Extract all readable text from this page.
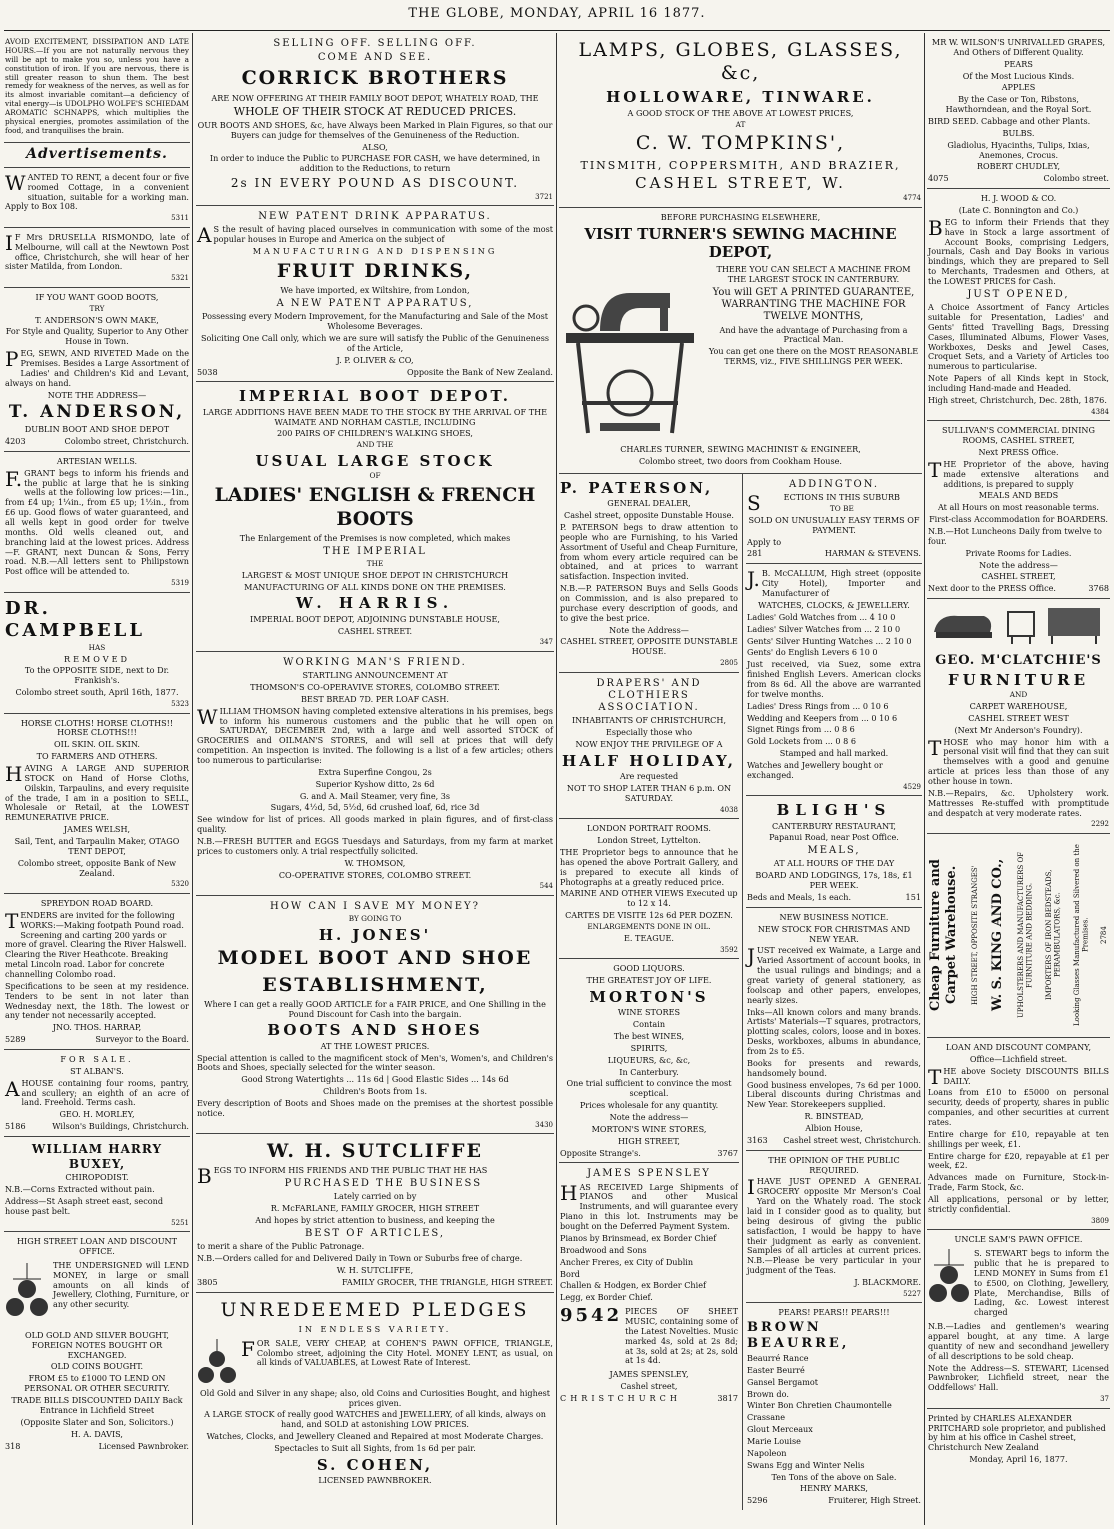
THE GLOBE, MONDAY, APRIL 16 1877.

AVOID EXCITEMENT, DISSIPATION AND LATE HOURS.—If you are not naturally nervous they will be apt to make you so, unless you have a constitution of iron. If you are nervous, there is still greater reason to shun them. The best remedy for weakness of the nerves, as well as for its almost invariable comitant—a deficiency of vital energy—is UDOLPHO WOLFE'S SCHIEDAM AROMATIC SCHNAPPS, which multiplies the physical energies, promotes assimilation of the food, and tranquilises the brain.

Advertisements.

WANTED TO RENT, a decent four or five roomed Cottage, in a convenient situation, suitable for a working man. Apply to Box 108.

5311

IF Mrs DRUSELLA RISMONDO, late of Melbourne, will call at the Newtown Post office, Christchurch, she will hear of her sister Matilda, from London.

5321

IF YOU WANT GOOD BOOTS,

TRY

T. ANDERSON'S OWN MAKE,

For Style and Quality, Superior to Any Other House in Town.

PEG, SEWN, AND RIVETED Made on the Premises. Besides a Large Assortment of Ladies' and Children's Kid and Levant, always on hand.

NOTE THE ADDRESS—

T. ANDERSON,

DUBLIN BOOT AND SHOE DEPOT

4203	Colombo street, Christchurch.

ARTESIAN WELLS.

F.GRANT begs to inform his friends and the public at large that he is sinking wells at the following low prices:—1in., from £4 up; 1¼in., from £5 up; 1½in., from £6 up. Good flows of water guaranteed, and all wells kept in good order for twelve months. Old wells cleaned out, and branching laid at the lowest prices. Address—F. GRANT, next Duncan & Sons, Ferry road. N.B.—All letters sent to Philipstown Post office will be attended to.

5319
DR. CAMPBELL

HAS

REMOVED

To the OPPOSITE SIDE, next to Dr. Frankish's.

Colombo street south, April 16th, 1877.

5323

HORSE CLOTHS! HORSE CLOTHS!! HORSE CLOTHS!!!

OIL SKIN. OIL SKIN.

TO FARMERS AND OTHERS.

HAVING A LARGE AND SUPERIOR STOCK on Hand of Horse Cloths, Oilskin, Tarpaulins, and every requisite of the trade, I am in a position to SELL, Wholesale or Retail, at the LOWEST REMUNERATIVE PRICE.

JAMES WELSH,

Sail, Tent, and Tarpaulin Maker, OTAGO TENT DEPOT,

Colombo street, opposite Bank of New Zealand.

5320

SPREYDON ROAD BOARD.

TENDERS are invited for the following WORKS:—Making footpath Pound road. Screening and carting 200 yards or more of gravel. Clearing the River Halswell. Clearing the River Heathcote. Breaking metal Lincoln road. Labor for concrete channelling Colombo road.

Specifications to be seen at my residence. Tenders to be sent in not later than Wednesday next, the 18th. The lowest or any tender not necessarily accepted.

JNO. THOS. HARRAP,

5289	Surveyor to the Board.

FOR SALE.

ST ALBAN'S.

AHOUSE containing four rooms, pantry, and scullery; an eighth of an acre of land. Freehold. Terms cash.

GEO. H. MORLEY,

5186	Wilson's Buildings, Christchurch.
WILLIAM HARRY BUXEY,

CHIROPODIST.

N.B.—Corns Extracted without pain.

Address—St Asaph street east, second house past belt.

5251

HIGH STREET LOAN AND DISCOUNT OFFICE.

THE UNDERSIGNED will LEND MONEY, in large or small amounts on all kinds of Jewellery, Clothing, Furniture, or any other security.

OLD GOLD AND SILVER BOUGHT, FOREIGN NOTES BOUGHT OR EXCHANGED.

OLD COINS BOUGHT.

FROM £5 to £1000 TO LEND ON PERSONAL OR OTHER SECURITY.

TRADE BILLS DISCOUNTED DAILY Back Entrance in Lichfield Street

(Opposite Slater and Son, Solicitors.)

H. A. DAVIS,

318	Licensed Pawnbroker.
SELLING OFF. SELLING OFF.
COME AND SEE.
CORRICK BROTHERS

ARE NOW OFFERING AT THEIR FAMILY BOOT DEPOT, WHATELY ROAD, THE

WHOLE OF THEIR STOCK AT REDUCED PRICES.

OUR BOOTS AND SHOES, &c, have Always been Marked in Plain Figures, so that our Buyers can judge for themselves of the Genuineness of the Reduction.

ALSO,

In order to induce the Public to PURCHASE FOR CASH, we have determined, in addition to the Reductions, to return

2s IN EVERY POUND AS DISCOUNT.
3721
NEW PATENT DRINK APPARATUS.

AS the result of having placed ourselves in communication with some of the most popular houses in Europe and America on the subject of

MANUFACTURING AND DISPENSING

FRUIT DRINKS,

We have imported, ex Wiltshire, from London,

A NEW PATENT APPARATUS,

Possessing every Modern Improvement, for the Manufacturing and Sale of the Most Wholesome Beverages.

Soliciting One Call only, which we are sure will satisfy the Public of the Genuineness of the Article,

J. P. OLIVER & CO,

5038	Opposite the Bank of New Zealand.
IMPERIAL BOOT DEPOT.

LARGE ADDITIONS HAVE BEEN MADE TO THE STOCK BY THE ARRIVAL OF THE WAIMATE AND NORHAM CASTLE, INCLUDING

200 PAIRS OF CHILDREN'S WALKING SHOES,

AND THE

USUAL LARGE STOCK

OF

LADIES' ENGLISH & FRENCH BOOTS

The Enlargement of the Premises is now completed, which makes

THE IMPERIAL

THE

LARGEST & MOST UNIQUE SHOE DEPOT IN CHRISTCHURCH

MANUFACTURING OF ALL KINDS DONE ON THE PREMISES.

W. HARRIS.

IMPERIAL BOOT DEPOT, ADJOINING DUNSTABLE HOUSE,

CASHEL STREET.

347
WORKING MAN'S FRIEND.

STARTLING ANNOUNCEMENT AT

THOMSON'S CO-OPERAVIVE STORES, COLOMBO STREET.

BEST BREAD 7D. PER LOAF CASH.

WILLIAM THOMSON having completed extensive alterations in his premises, begs to inform his numerous customers and the public that he will open on SATURDAY, DECEMBER 2nd, with a large and well assorted STOCK of GROCERIES and OILMAN'S STORES, and will sell at prices that will defy competition. An inspection is invited. The following is a list of a few articles; others too numerous to particularise:

Extra Superfine Congou, 2s

Superior Kyshow ditto, 2s 6d

G. and A. Mail Steamer, very fine, 3s

Sugars, 4½d, 5d, 5½d, 6d crushed loaf, 6d, rice 3d

See window for list of prices. All goods marked in plain figures, and of first-class quality.

N.B.—FRESH BUTTER and EGGS Tuesdays and Saturdays, from my farm at market prices to customers only. A trial respectfully solicited.

W. THOMSON,

CO-OPERATIVE STORES, COLOMBO STREET.

544
HOW CAN I SAVE MY MONEY?

BY GOING TO

H. JONES'
MODEL BOOT AND SHOE
ESTABLISHMENT,

Where I can get a really GOOD ARTICLE for a FAIR PRICE, and One Shilling in the Pound Discount for Cash into the bargain.

BOOTS AND SHOES

AT THE LOWEST PRICES.

Special attention is called to the magnificent stock of Men's, Women's, and Children's Boots and Shoes, specially selected for the winter season.

Good Strong Watertights ... 11s 6d | Good Elastic Sides ... 14s 6d

Children's Boots from 1s.

Every description of Boots and Shoes made on the premises at the shortest possible notice.

3430
W. H. SUTCLIFFE

BEGS TO INFORM HIS FRIENDS AND THE PUBLIC THAT HE HAS

PURCHASED THE BUSINESS

Lately carried on by

R. McFARLANE, FAMILY GROCER, HIGH STREET

And hopes by strict attention to business, and keeping the

BEST OF ARTICLES,

to merit a share of the Public Patronage.

N.B.—Orders called for and Delivered Daily in Town or Suburbs free of charge.

W. H. SUTCLIFFE,

3805	FAMILY GROCER, THE TRIANGLE, HIGH STREET.
UNREDEEMED PLEDGES

IN ENDLESS VARIETY.

FOR SALE, VERY CHEAP, at COHEN'S PAWN OFFICE, TRIANGLE, Colombo street, adjoining the City Hotel. MONEY LENT, as usual, on all kinds of VALUABLES, at Lowest Rate of Interest.

Old Gold and Silver in any shape; also, old Coins and Curiosities Bought, and highest prices given.

A LARGE STOCK of really good WATCHES and JEWELLERY, of all kinds, always on hand, and SOLD at astonishing LOW PRICES.

Watches, Clocks, and Jewellery Cleaned and Repaired at most Moderate Charges.

Spectacles to Suit all Sights, from 1s 6d per pair.

S. COHEN,

LICENSED PAWNBROKER.

LAMPS, GLOBES, GLASSES, &c,
HOLLOWARE, TINWARE.

A GOOD STOCK OF THE ABOVE AT LOWEST PRICES,

AT

C. W. TOMPKINS',
TINSMITH, COPPERSMITH, AND BRAZIER,
CASHEL STREET, W.
4774

BEFORE PURCHASING ELSEWHERE,

VISIT TURNER'S SEWING MACHINE DEPOT,

THERE YOU CAN SELECT A MACHINE FROM THE LARGEST STOCK IN CANTERBURY.

You will GET A PRINTED GUARANTEE, WARRANTING THE MACHINE FOR TWELVE MONTHS,

And have the advantage of Purchasing from a Practical Man.

You can get one there on the MOST REASONABLE TERMS, viz., FIVE SHILLINGS PER WEEK.

CHARLES TURNER, SEWING MACHINIST & ENGINEER,

Colombo street, two doors from Cookham House.

P. PATERSON,

GENERAL DEALER,

Cashel street, opposite Dunstable House.

P. PATERSON begs to draw attention to people who are Furnishing, to his Varied Assortment of Useful and Cheap Furniture, from whom every article required can be obtained, and at prices to warrant satisfaction. Inspection invited.

N.B.—P. PATERSON Buys and Sells Goods on Commission, and is also prepared to purchase every description of goods, and to give the best price.

Note the Address—

CASHEL STREET, OPPOSITE DUNSTABLE HOUSE.

2805
DRAPERS' AND CLOTHIERS ASSOCIATION.

INHABITANTS OF CHRISTCHURCH,

Especially those who

NOW ENJOY THE PRIVILEGE OF A

HALF HOLIDAY,

Are requested

NOT TO SHOP LATER THAN 6 p.m. ON SATURDAY.

4038

LONDON PORTRAIT ROOMS.

London Street, Lyttelton.

THE Proprietor begs to announce that he has opened the above Portrait Gallery, and is prepared to execute all kinds of Photographs at a greatly reduced price.

MARINE AND OTHER VIEWS Executed up to 12 x 14.

CARTES DE VISITE 12s 6d PER DOZEN.

ENLARGEMENTS DONE IN OIL.

E. TEAGUE.

3592

GOOD LIQUORS.

THE GREATEST JOY OF LIFE.

MORTON'S

WINE STORES

Contain

The best WINES,

SPIRITS,

LIQUEURS, &c, &c,

In Canterbury.

One trial sufficient to convince the most sceptical.

Prices wholesale for any quantity.

Note the address—

MORTON'S WINE STORES,

HIGH STREET,

Opposite Strange's.	3767
JAMES SPENSLEY

HAS RECEIVED Large Shipments of PIANOS and other Musical Instruments, and will guarantee every Piano in this lot. Instruments may be bought on the Deferred Payment System.

Pianos by Brinsmead, ex Border Chief

Broadwood and Sons

Ancher Freres, ex City of Dublin

Bord

Challen & Hodgen, ex Border Chief

Legg, ex Border Chief.

9542 PIECES OF SHEET MUSIC, containing some of the Latest Novelties. Music marked 4s, sold at 2s 8d; at 3s, sold at 2s; at 2s, sold at 1s 4d.

JAMES SPENSLEY,

Cashel street,

CHRISTCHURCH	3817
ADDINGTON.

SECTIONS IN THIS SUBURB

TO BE

SOLD ON UNUSUALLY EASY TERMS OF PAYMENT.

Apply to

281	HARMAN & STEVENS.

J.B. McCALLUM, High street (opposite City Hotel), Importer and Manufacturer of

WATCHES, CLOCKS, & JEWELLERY.

Ladies' Gold Watches from ... 4 10 0

Ladies' Silver Watches from ... 2 10 0

Gents' Silver Hunting Watches ... 2 10 0

Gents' do English Levers 6 10 0

Just received, via Suez, some extra finished English Levers. American clocks from 8s 6d. All the above are warranted for twelve months.

Ladies' Dress Rings from ... 0 10 6

Wedding and Keepers from ... 0 10 6

Signet Rings from ... 0 8 6

Gold Lockets from ... 0 8 6

Stamped and hall marked.

Watches and Jewellery bought or exchanged.

4529
BLIGH'S

CANTERBURY RESTAURANT,

Papanui Road, near Post Office.

MEALS,

AT ALL HOURS OF THE DAY

BOARD AND LODGINGS, 17s, 18s, £1 PER WEEK.

Beds and Meals, 1s each.	151

NEW BUSINESS NOTICE.

NEW STOCK FOR CHRISTMAS AND NEW YEAR.

JUST received ex Waimate, a Large and Varied Assortment of account books, in the usual rulings and bindings; and a great variety of general stationery, as foolscap and other papers, envelopes, nearly sizes.

Inks—All known colors and many brands. Artists' Materials—T squares, protractors, plotting scales, colors, loose and in boxes. Desks, workboxes, albums in abundance, from 2s to £5.

Books for presents and rewards, handsomely bound.

Good business envelopes, 7s 6d per 1000. Liberal discounts during Christmas and New Year. Storekeepers supplied.

R. BINSTEAD,

Albion House,

3163 Cashel street west, Christchurch.

THE OPINION OF THE PUBLIC REQUIRED.

IHAVE JUST OPENED A GENERAL GROCERY opposite Mr Merson's Coal Yard on the Whately road. The stock laid in I consider good as to quality, but being desirous of giving the public satisfaction, I would be happy to have their judgment as early as convenient. Samples of all articles at current prices. N.B.—Please be very particular in your judgment of the Teas.

J. BLACKMORE.

5227

PEARS! PEARS!! PEARS!!!

BROWN BEAURRE,

Beaurré Rance

Easter Beurré

Gansel Bergamot

Brown do.

Winter Bon Chretien Chaumontelle

Crassane

Glout Merceaux

Marie Louise

Napoleon

Swans Egg and Winter Nelis

Ten Tons of the above on Sale.

HENRY MARKS,

5296	Fruiterer, High Street.

MR W. WILSON'S UNRIVALLED GRAPES, And Others of Different Quality.

PEARS

Of the Most Lucious Kinds.

APPLES

By the Case or Ton, Ribstons, Hawthorndean, and the Royal Sort.

BIRD SEED. Cabbage and other Plants.

BULBS.

Gladiolus, Hyacinths, Tulips, Ixias, Anemones, Crocus.

ROBERT CHUDLEY,

4075	Colombo street.

H. J. WOOD & CO.

(Late C. Bonnington and Co.)

BEG to inform their Friends that they have in Stock a large assortment of Account Books, comprising Ledgers, Journals, Cash and Day Books in various bindings, which they are prepared to Sell to Merchants, Tradesmen and Others, at the LOWEST PRICES for Cash.

JUST OPENED,

A Choice Assortment of Fancy Articles suitable for Presentation, Ladies' and Gents' fitted Travelling Bags, Dressing Cases, Illuminated Albums, Flower Vases, Workboxes, Desks and Jewel Cases, Croquet Sets, and a Variety of Articles too numerous to particularise.

Note Papers of all Kinds kept in Stock, including Hand-made and Headed.

High street, Christchurch, Dec. 28th, 1876.

4384

SULLIVAN'S COMMERCIAL DINING ROOMS, CASHEL STREET,

Next PRESS Office.

THE Proprietor of the above, having made extensive alterations and additions, is prepared to supply

MEALS AND BEDS

At all Hours on most reasonable terms.

First-class Accommodation for BOARDERS.

N.B.—Hot Luncheons Daily from twelve to four.

Private Rooms for Ladies.

Note the address—

CASHEL STREET,

Next door to the PRESS Office.	3768
GEO. M'CLATCHIE'S
FURNITURE

AND

CARPET WAREHOUSE,

CASHEL STREET WEST

(Next Mr Anderson's Foundry).

THOSE who may honor him with a personal visit will find that they can suit themselves with a good and genuine article at prices less than those of any other house in town.

N.B.—Repairs, &c. Upholstery work. Mattresses Re-stuffed with promptitude and despatch at very moderate rates.

2292
Cheap Furniture and Carpet Warehouse. HIGH STREET, OPPOSITE STRANGES' W. S. KING AND CO., UPHOLSTERERS AND MANUFACTURERS OF FURNITURE AND BEDDING. IMPORTERS OF IRON BEDSTEADS, PERAMBULATORS, &c. Looking Glasses Manufactured and Silvered on the Premises. 2784

LOAN AND DISCOUNT COMPANY,

Office—Lichfield street.

THE above Society DISCOUNTS BILLS DAILY.

Loans from £10 to £5000 on personal security, deeds of property, shares in public companies, and other securities at current rates.

Entire charge for £10, repayable at ten shillings per week, £1.

Entire charge for £20, repayable at £1 per week, £2.

Advances made on Furniture, Stock-in-Trade, Farm Stock, &c.

All applications, personal or by letter, strictly confidential.

3809

UNCLE SAM'S PAWN OFFICE.

S. STEWART begs to inform the public that he is prepared to LEND MONEY in Sums from £1 to £500, on Clothing, Jewellery, Plate, Merchandise, Bills of Lading, &c. Lowest interest charged

N.B.—Ladies and gentlemen's wearing apparel bought, at any time. A large quantity of new and secondhand jewellery of all descriptions to be sold cheap.

Note the Address—S. STEWART, Licensed Pawnbroker, Lichfield street, near the Oddfellows' Hall.

37

Printed by CHARLES ALEXANDER PRITCHARD sole proprietor, and published by him at his office in Cashel street, Christchurch New Zealand

Monday, April 16, 1877.
